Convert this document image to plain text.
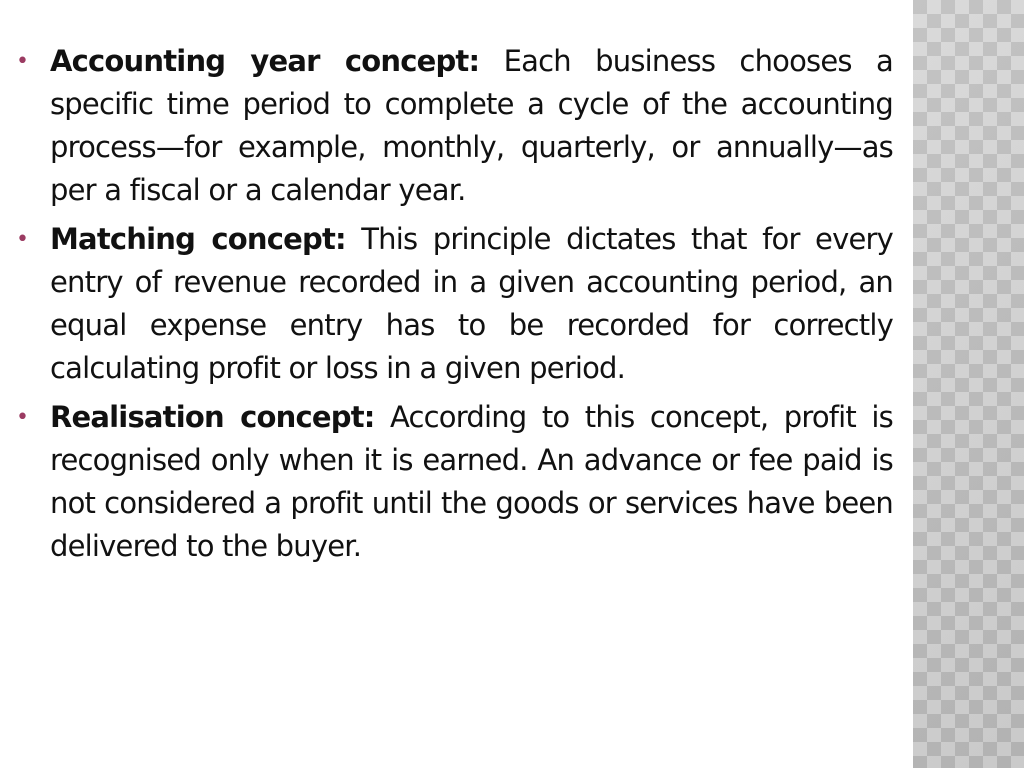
• Accounting year concept: Each business chooses a specific time period to complete a cycle of the accounting process—for example, monthly, quarterly, or annually—as per a fiscal or a calendar year.
• Matching concept: This principle dictates that for every entry of revenue recorded in a given accounting period, an equal expense entry has to be recorded for correctly calculating profit or loss in a given period.
• Realisation concept: According to this concept, profit is recognised only when it is earned. An advance or fee paid is not considered a profit until the goods or services have been delivered to the buyer.
